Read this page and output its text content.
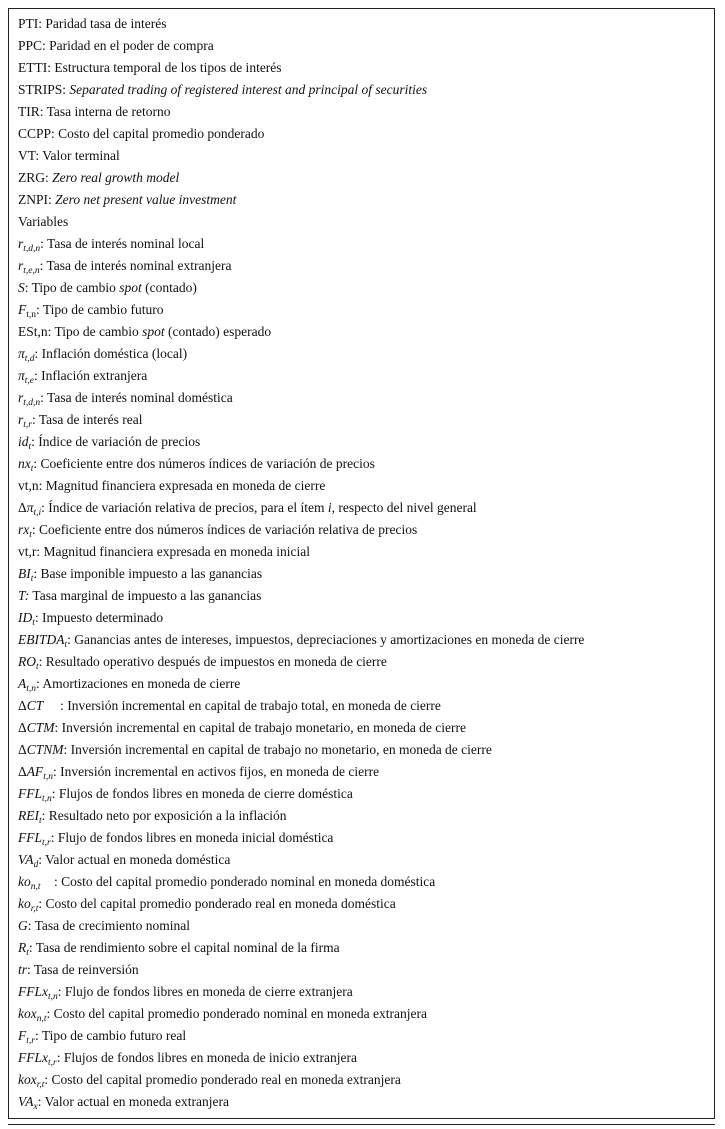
PTI: Paridad tasa de interés
PPC: Paridad en el poder de compra
ETTI: Estructura temporal de los tipos de interés
STRIPS: Separated trading of registered interest and principal of securities
TIR: Tasa interna de retorno
CCPP: Costo del capital promedio ponderado
VT: Valor terminal
ZRG: Zero real growth model
ZNPI: Zero net present value investment
Variables
$r_{t,d,n}$: Tasa de interés nominal local
$r_{t,e,n}$: Tasa de interés nominal extranjera
S: Tipo de cambio spot (contado)
$F_{t,n}$: Tipo de cambio futuro
ESt,n: Tipo de cambio spot (contado) esperado
$\pi_{t,d}$: Inflación doméstica (local)
$\pi_{t,e}$: Inflación extranjera
$r_{t,d,n}$: Tasa de interés nominal doméstica
$r_{t,r}$: Tasa de interés real
$id_t$: Índice de variación de precios
$nx_t$: Coeficiente entre dos números índices de variación de precios
vt,n: Magnitud financiera expresada en moneda de cierre
$\Delta\pi_{t,i}$: Índice de variación relativa de precios, para el ítem i, respecto del nivel general
$rx_t$: Coeficiente entre dos números índices de variación relativa de precios
vt,r: Magnitud financiera expresada en moneda inicial
$BI_t$: Base imponible impuesto a las ganancias
T: Tasa marginal de impuesto a las ganancias
$ID_t$: Impuesto determinado
$EBITDA_t$: Ganancias antes de intereses, impuestos, depreciaciones y amortizaciones en moneda de cierre
$RO_t$: Resultado operativo después de impuestos en moneda de cierre
$A_{t,n}$: Amortizaciones en moneda de cierre
ΔCT     : Inversión incremental en capital de trabajo total, en moneda de cierre
ΔCTM: Inversión incremental en capital de trabajo monetario, en moneda de cierre
ΔCTNM: Inversión incremental en capital de trabajo no monetario, en moneda de cierre
$\Delta AF_{t,n}$: Inversión incremental en activos fijos, en moneda de cierre
$FFL_{t,n}$: Flujos de fondos libres en moneda de cierre doméstica
$REI_t$: Resultado neto por exposición a la inflación
$FFL_{t,r}$: Flujo de fondos libres en moneda inicial doméstica
$VA_d$: Valor actual en moneda doméstica
$ko_{n,t}$    : Costo del capital promedio ponderado nominal en moneda doméstica
$ko_{r,t}$: Costo del capital promedio ponderado real en moneda doméstica
G: Tasa de crecimiento nominal
$R_t$: Tasa de rendimiento sobre el capital nominal de la firma
tr: Tasa de reinversión
FFLx$_{t,n}$: Flujo de fondos libres en moneda de cierre extranjera
kox$_{n,t}$: Costo del capital promedio ponderado nominal en moneda extranjera
$F_{t,r}$: Tipo de cambio futuro real
FFLx$_{t,r}$: Flujos de fondos libres en moneda de inicio extranjera
kox$_{r,t}$: Costo del capital promedio ponderado real en moneda extranjera
$VA_x$: Valor actual en moneda extranjera
